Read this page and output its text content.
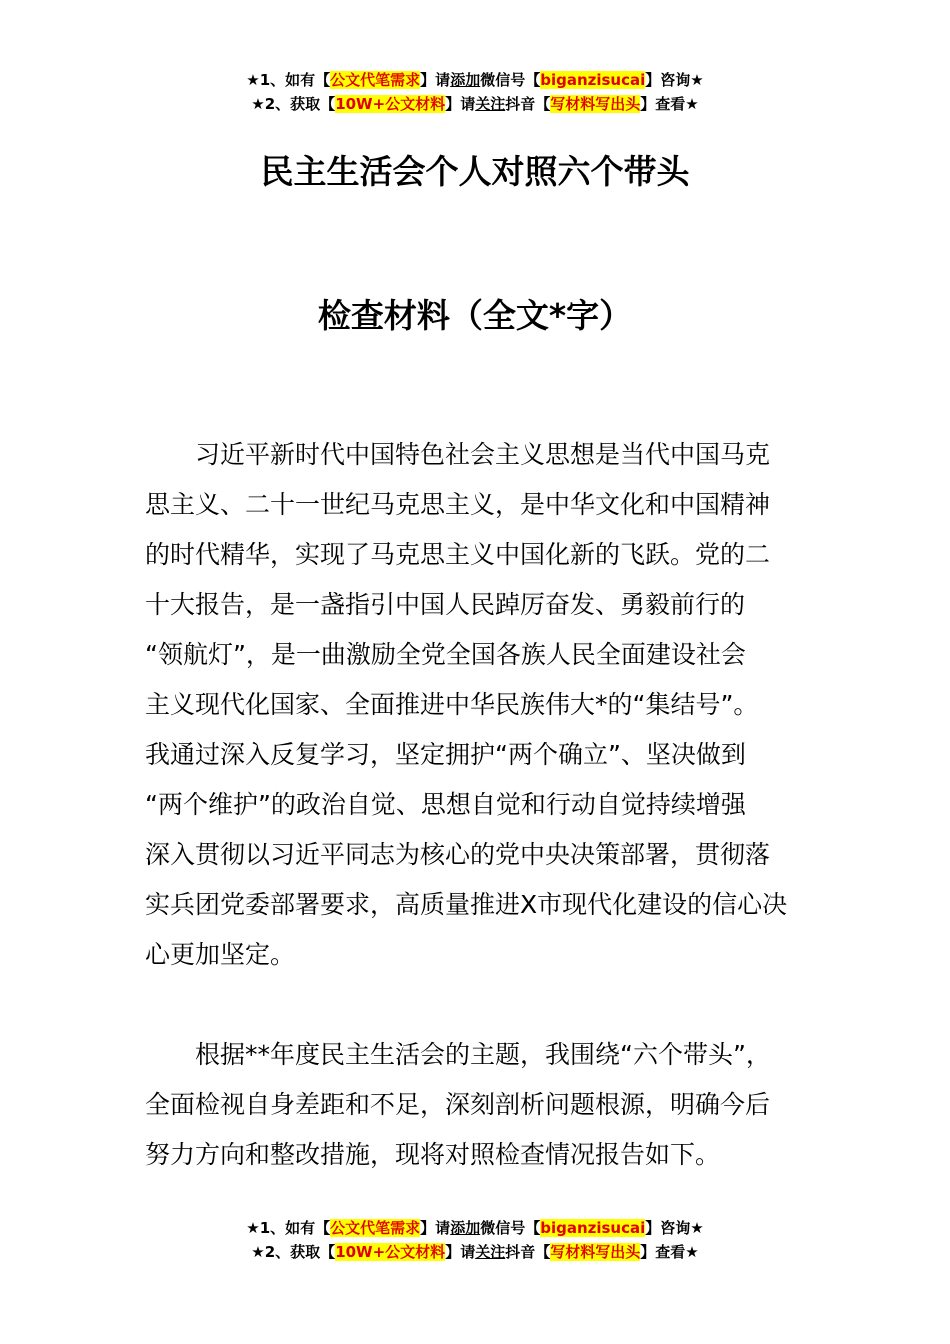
★1、如有【公文代笔需求】请添加微信号【biganzisucai】咨询★
★2、获取【10W+公文材料】请关注抖音【写材料写出头】查看★
民主生活会个人对照六个带头
检查材料（全文*字）

　　习近平新时代中国特色社会主义思想是当代中国马克
思主义、二十一世纪马克思主义，是中华文化和中国精神
的时代精华，实现了马克思主义中国化新的飞跃。党的二
十大报告，是一盏指引中国人民踔厉奋发、勇毅前行的
“领航灯”，是一曲激励全党全国各族人民全面建设社会
主义现代化国家、全面推进中华民族伟大*的“集结号”。
我通过深入反复学习，坚定拥护“两个确立”、坚决做到
“两个维护”的政治自觉、思想自觉和行动自觉持续增强
深入贯彻以习近平同志为核心的党中央决策部署，贯彻落
实兵团党委部署要求，高质量推进X市现代化建设的信心决
心更加坚定。

　　根据**年度民主生活会的主题，我围绕“六个带头”，
全面检视自身差距和不足，深刻剖析问题根源，明确今后
努力方向和整改措施，现将对照检查情况报告如下。

★1、如有【公文代笔需求】请添加微信号【biganzisucai】咨询★
★2、获取【10W+公文材料】请关注抖音【写材料写出头】查看★
